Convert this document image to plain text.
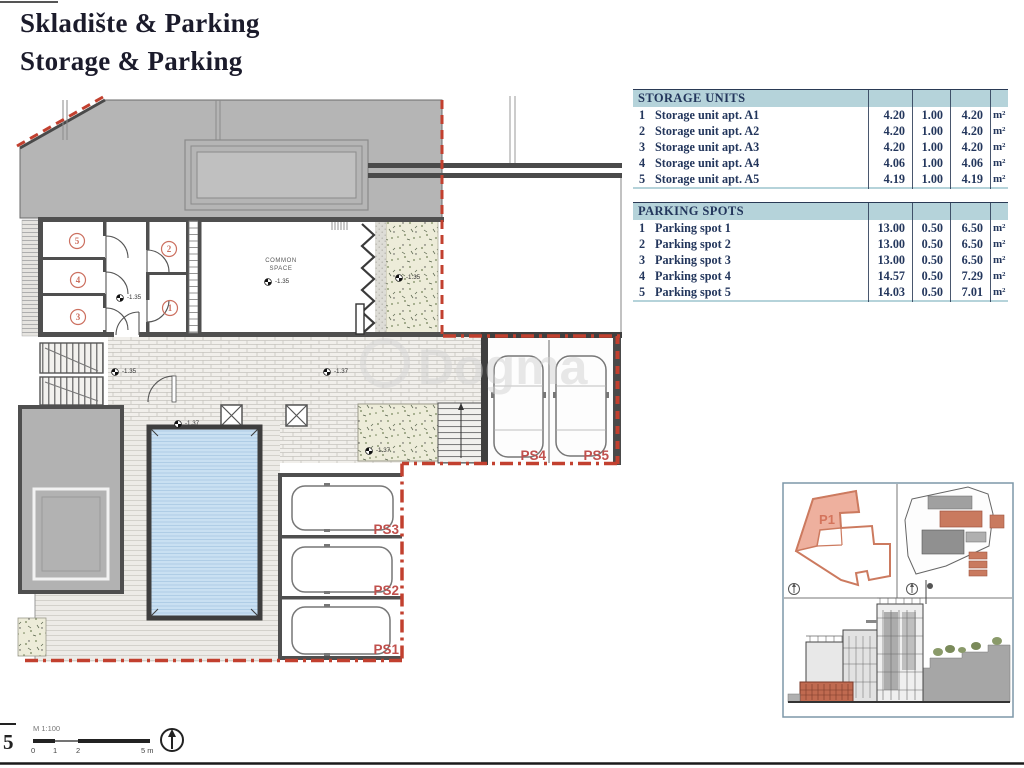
5
4
3
2
1
COMMON
SPACE
PS3
PS2
PS1
PS4	PS5
-1.35
-1.35
-1.35	-1.37
-1.37
-1.35
-1.37
Dogma
P1
5
M 1:100
0 1	2	5 m
Skladište & Parking
Storage & Parking
STORAGE UNITS
1 Storage unit apt. A1	4.20	1.00	4.20 m²
2 Storage unit apt. A2	4.20	1.00	4.20 m²
3 Storage unit apt. A3	4.20	1.00	4.20 m²
4 Storage unit apt. A4	4.06	1.00	4.06 m²
5 Storage unit apt. A5	4.19	1.00	4.19 m²
PARKING SPOTS
1 Parking spot 1	13.00	0.50	6.50 m²
2 Parking spot 2	13.00	0.50	6.50 m²
3 Parking spot 3	13.00	0.50	6.50 m²
4 Parking spot 4	14.57	0.50	7.29 m²
5 Parking spot 5	14.03	0.50	7.01 m²
